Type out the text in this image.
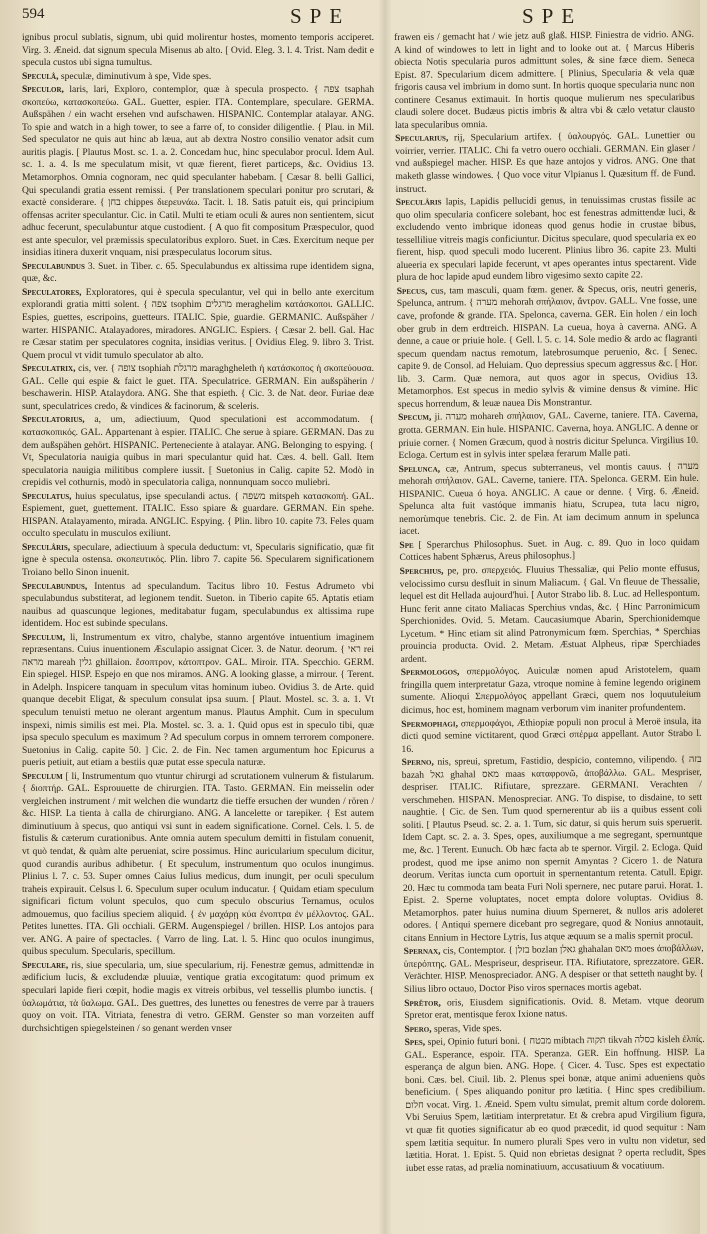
594	SPE	SPE

ignibus procul sublatis, signum, ubi quid molirentur hostes, momento temporis acciperet. Virg. 3. Æneid. dat signum specula Misenus ab alto. [ Ovid. Eleg. 3. l. 4. Trist. Nam dedit e specula custos ubi signa tumultus.

Speculâ, speculæ, diminutivum à spe, Vide spes.

Speculor, laris, lari, Exploro, contemplor, quæ à specula prospecto. { צפה tsaphah σκοπεύω, κατασκοπεύω. GAL. Guetter, espier. ITA. Contemplare, speculare. GERMA. Außspähen / ein wacht ersehen vnd aufschawen. HISPANIC. Contemplar atalayar. ANG. To spie and watch in a high tower, to see a farre of, to consider diligentlie. { Plau. in Mil. Sed speculator ne quis aut hinc ab læua, aut ab dextra Nostro consilio venator adsit cum auritis plagis. [ Plautus Most. sc. 1. a. 2. Concedam huc, hinc speculabor procul. Idem Aul. sc. 1. a. 4. Is me speculatum misit, vt quæ fierent, fieret particeps, &c. Ovidius 13. Metamorphos. Omnia cognoram, nec quid speculanter habebam. [ Cæsar 8. belli Gallici, Qui speculandi gratia essent remissi. { Per translationem speculari ponitur pro scrutari, & exactè considerare. { בחן chippes διερευνάω. Tacit. l. 18. Satis patuit eis, qui principium offensas acriter speculantur. Cic. in Catil. Multi te etiam oculi & aures non sentientem, sicut adhuc fecerunt, speculabuntur atque custodient. { A quo fit compositum Præspeculor, quod est ante speculor, vel præmissis speculatoribus exploro. Suet. in Cæs. Exercitum neque per insidias itinera duxerit vnquam, nisi præspeculatus locorum situs.

Speculabundus 3. Suet. in Tiber. c. 65. Speculabundus ex altissima rupe identidem signa, quæ, &c.

Speculatores, Exploratores, qui è specula speculantur, vel qui in bello ante exercitum explorandi gratia mitti solent. { צפה tsophim מרגלים meraghelim κατάσκοποι. GALLIC. Espies, guettes, escripoins, guetteurs. ITALIC. Spie, guardie. GERMANIC. Außspäher / warter. HISPANIC. Atalayadores, miradores. ANGLIC. Espiers. { Cæsar 2. bell. Gal. Hac re Cæsar statim per speculatores cognita, insidias veritus. [ Ovidius Eleg. 9. libro 3. Trist. Quem procul vt vidit tumulo speculator ab alto.

Speculatrix, cis, ver. { צופה tsophiah מרגלת maraghgheleth ἡ κατάσκοπος ἡ σκοπεύουσα. GAL. Celle qui espie & faict le guet. ITA. Speculatrice. GERMAN. Ein außspäherin / beschawerin. HISP. Atalaydora. ANG. She that espieth. { Cic. 3. de Nat. deor. Furiae deæ sunt, speculatrices credo, & vindices & facinorum, & sceleris.

Speculatorius, a, um, adiectiuum, Quod speculationi est accommodatum. { κατασκοπικός. GAL. Appartenant à espier. ITALIC. Che serue à spiare. GERMAN. Das zu dem außspähen gehört. HISPANIC. Perteneciente à atalayar. ANG. Belonging to espying. { Vt, Speculatoria nauigia quibus in mari speculantur quid hat. Cæs. 4. bell. Gall. Item speculatoria nauigia militibus complere iussit. [ Suetonius in Calig. capite 52. Modò in crepidis vel cothurnis, modò in speculatoria caliga, nonnunquam socco muliebri.

Speculatus, huius speculatus, ipse speculandi actus. { משפה mitspeh κατασκοπή. GAL. Espiement, guet, guettement. ITALIC. Esso spiare & guardare. GERMAN. Ein spehe. HISPAN. Atalayamento, mirada. ANGLIC. Espying. { Plin. libro 10. capite 73. Feles quam occulto speculatu in musculos exiliunt.

Speculâris, speculare, adiectiuum à specula deductum: vt, Specularis significatio, quæ fit igne è specula ostensa. σκοπευτικός. Plin. libro 7. capite 56. Specularem significationem Troiano bello Sinon inuenit.

Speculabundus, Intentus ad speculandum. Tacitus libro 10. Festus Adrumeto vbi speculabundus substiterat, ad legionem tendit. Sueton. in Tiberio capite 65. Aptatis etiam nauibus ad quascunque legiones, meditabatur fugam, speculabundus ex altissima rupe identidem. Hoc est subinde speculans.

Speculum, li, Instrumentum ex vitro, chalybe, stanno argentóve intuentium imaginem repræsentans. Cuius inuentionem Æsculapio assignat Cicer. 3. de Natur. deorum. { ראי rei מראה mareah גלין ghillaion. ἔσοπτρον, κάτοπτρον. GAL. Miroir. ITA. Specchio. GERM. Ein spiegel. HISP. Espejo en que nos miramos. ANG. A looking glasse, a mirrour. { Terent. in Adelph. Inspicere tanquam in speculum vitas hominum iubeo. Ovidius 3. de Arte. quid quanque decebit Eligat, & speculum consulat ipsa suum. [ Plaut. Mostel. sc. 3. a. 1. Vt speculum tenuisti metuo ne olerant argentum manus. Plautus Amphit. Cum in speculum inspexi, nimis similis est mei. Pla. Mostel. sc. 3. a. 1. Quid opus est in speculo tibi, quæ ipsa speculo speculum es maximum ? Ad speculum corpus in omnem terrorem componere. Suetonius in Calig. capite 50. ] Cic. 2. de Fin. Nec tamen argumentum hoc Epicurus a pueris petiuit, aut etiam a bestiis quæ putat esse specula naturæ.

Speculum [ li, Instrumentum quo vtuntur chirurgi ad scrutationem vulnerum & fistularum. { διοπτήρ. GAL. Esprouuette de chirurgien. ITA. Tasto. GERMAN. Ein meisselin oder vergleichen instrument / mit welchen die wundartz die tieffe ersuchen der wunden / rören / &c. HISP. La tienta à calla de chirurgiano. ANG. A lancelette or tarepiker. { Est autem diminutiuum à specus, quo antiqui vsi sunt in eadem significatione. Cornel. Cels. l. 5. de fistulis & cæterum curationibus. Ante omnia autem speculum demitti in fistulam conuenit, vt quò tendat, & quàm alte perueniat, scire possimus. Hinc auricularium speculum dicitur, quod curandis auribus adhibetur. { Et speculum, instrumentum quo oculos inungimus. Plinius l. 7. c. 53. Super omnes Caius Iulius medicus, dum inungit, per oculi speculum traheis expirauit. Celsus l. 6. Speculum super oculum inducatur. { Quidam etiam speculum significari fictum volunt speculos, quo cum speculo obscurius Ternamus, oculos admouemus, quo facilius speciem aliquid. { ἐν μαχάρῃ κύα ἐνοπτρα ἐν μέλλοντος. GAL. Petites lunettes. ITA. Gli occhiali. GERM. Augenspiegel / brillen. HISP. Los antojos para ver. ANG. A paire of spectacles. { Varro de ling. Lat. l. 5. Hinc quo oculos inungimus, quibus speculum. Specularis, specillum.

Speculare, ris, siue specularia, um, siue specularium, rij. Fenestræ gemus, admittendæ in ædificium lucis, & excludendæ pluuiæ, ventique gratia excogitatum: quod primum ex speculari lapide fieri cœpit, hodie magis ex vitreis orbibus, vel tessellis plumbo iunctis. { ὑαλωμάτια, τὰ ὕαλωμα. GAL. Des guettres, des lunettes ou fenestres de verre par à trauers quoy on voit. ITA. Vitriata, fenestra di vetro. GERM. Genster so man vorzeiten auff durchsichtigen spiegelsteinen / so genant werden vnser

frawen eis / gemacht hat / wie jetz auß glaß. HISP. Finiestra de vidrio. ANG. A kind of windowes to lett in light and to looke out at. { Marcus Hiberis obiecta Notis specularia puros admittunt soles, & sine fæce diem. Seneca Epist. 87. Specularium dicem admittere. [ Plinius, Specularia & vela quæ frigoris causa vel imbrium in domo sunt. In hortis quoque specularia nunc non continere Cesanus extimauit. In hortis quoque mulierum nes specularibus claudi solere docet. Budæus pictis imbris & altra vbi & cælo vetatur clausto lata specularibus omnia.

Specularius, rij, Specularium artifex. { ὑαλουργός. GAL. Lunettier ou voirrier, verrier. ITALIC. Chi fa vetro ouero occhiali. GERMAN. Ein glaser / vnd außspiegel macher. HISP. Es que haze antojos y vidros. ANG. One that maketh glasse windowes. { Quo voce vitur Vlpianus l. Quæsitum ff. de Fund. instruct.

Speculâris lapis, Lapidis pellucidi genus, in tenuissimas crustas fissile ac quo olim specularia conficere solebant, hoc est fenestras admittendæ luci, & excludendo vento imbrique idoneas quod genus hodie in crustae bibus, tesselliliue vitreis magis conficiuntur. Dicitus speculare, quod specularia ex eo fierent, hisp. quod speculi modo lucerent. Plinius libro 36. capite 23. Multi alueeria ex speculari lapide fecerunt, vt apes operantes intus spectarent. Vide plura de hoc lapide apud eundem libro vigesimo sexto capite 22.

Specus, cus, tam masculi, quam fœm. gener. & Specus, oris, neutri generis, Spelunca, antrum. { מערה mehorah σπήλαιον, ἄντρον. GALL. Vne fosse, une cave, profonde & grande. ITA. Spelonca, caverna. GER. Ein holen / ein loch ober grub in dem erdtreich. HISPAN. La cueua, hoya à caverna. ANG. A denne, a caue or priuie hole. { Gell. l. 5. c. 14. Sole medio & ardo ac flagranti specum quendam nactus remotum, latebrosumque peruenio, &c. [ Senec. capite 9. de Consol. ad Heluiam. Quo depressius specum aggressus &c. [ Hor. lib. 3. Carm. Quæ nemora, aut quos agor in specus, Ovidius 13. Metamorphos. Est specus in medio sylvis & vimine densus & vimine. Hic specus horrendum, & leuæ nauea Dis Monstrantur.

Specum, ji. מערה mohareh σπήλαιον, GAL. Caverne, taniere. ITA. Caverna, grotta. GERMAN. Ein hule. HISPANIC. Caverna, hoya. ANGLIC. A denne or priuie corner. { Nomen Græcum, quod à nostris dicitur Spelunca. Virgilius 10. Ecloga. Certum est in sylvis inter spelæa ferarum Malle pati.

Spelunca, cæ, Antrum, specus subterraneus, vel montis cauus. { מערה mehorah σπήλαιον. GAL. Caverne, taniere. ITA. Spelonca. GERM. Ein hule. HISPANIC. Cueua ó hoya. ANGLIC. A caue or denne. { Virg. 6. Æneid. Spelunca alta fuit vastóque immanis hiatu, Scrupea, tuta lacu nigro, nemorùmque tenebris. Cic. 2. de Fin. At iam decimum annum in spelunca iacet.

Spe [ Sperarchus Philosophus. Suet. in Aug. c. 89. Quo in loco quidam Cottices habent Sphærus, Areus philosophus.]

Sperchius, pe, pro. σπερχειός. Fluuius Thessaliæ, qui Pelio monte effusus, velocissimo cursu desfluit in sinum Maliacum. { Gal. Vn fleuue de Thessalie, lequel est dit Hellada aujourd'hui. [ Autor Strabo lib. 8. Luc. ad Hellespontum. Hunc ferit anne citato Maliacas Sperchius vndas, &c. { Hinc Parronimicum Sperchionides. Ovid. 5. Metam. Caucasiumque Abarin, Sperchionidemque Lycetum. * Hinc etiam sit alind Patronymicum fœm. Sperchias, * Sperchias prouincia producta. Ovid. 2. Metam. Æstuat Alpheus, ripæ Sperchiades ardent.

Spermologos, σπερμολόγος. Auiculæ nomen apud Aristotelem, quam fringilla quem interpretatur Gaza, vtroque nomine à femine legendo originem sumente. Alioqui Σπερμολόγος appellant Græci, quem nos loquutuleium dicimus, hoc est, hominem magnam verborum vim inaniter profundentem.

Spermophagi, σπερμοφάγοι, Æthiopiæ populi non procul à Meroë insula, ita dicti quod semine victitarent, quod Græci σπέρμα appellant. Autor Strabo l. 16.

Sperno, nis, spreui, spretum, Fastidio, despicio, contemno, vilipendo. { בזה bazah גאל ghahal מאס maas καταφρονῶ, ἀποβάλλω. GAL. Mespriser, despriser. ITALIC. Rifiutare, sprezzare. GERMANI. Verachten / verschmehen. HISPAN. Menospreciar. ANG. To dispise, to disdaine, to sett naughtie. { Cic. de Sen. Tum quod spernerentur ab iis a quibus essent coli soliti. [ Plautus Pseud. sc. 2. a. 1. Tum, sic datur, si quis herum suis speruerit. Idem Capt. sc. 2. a. 3. Spes, opes, auxiliumque a me segregant, spernuntque me, &c. ] Terent. Eunuch. Ob hæc facta ab te spernor. Virgil. 2. Ecloga. Quid prodest, quod me ipse animo non spernit Amyntas ? Cicero 1. de Natura deorum. Veritas iuncta cum oportuit in spernentantum retenta. Catull. Epigr. 20. Hæc tu commoda tam beata Furi Noli spernere, nec putare parui. Horat. 1. Epist. 2. Sperne voluptates, nocet empta dolore voluptas. Ovidius 8. Metamorphos. pater huius numina diuum Sperneret, & nullos aris adoleret odores. { Antiqui spernere dicebant pro segregare, quod & Nonius annotauit, citans Ennium in Hectore Lytris, Ius atque æquum se a malis spernit procul.

Spernax, cis, Contemptor. { בזלן bozlan גאלן ghahalan מאס moes ἀποβάλλων, ὑπερόπτης. GAL. Mespriseur, despriseur. ITA. Rifiutatore, sprezzatore. GER. Verächter. HISP. Menospreciador. ANG. A despiser or that setteth naught by. { Silius libro octauo, Doctor Piso viros spernaces mortis agebat.

Sprêtor, oris, Eiusdem significationis. Ovid. 8. Metam. vtque deorum Spretor erat, mentisque ferox Ixione natus.

Spero, speras, Vide spes.

Spes, spei, Opinio futuri boni. { מבטח mibtach תקוה tikvah כסלה kisleh ἐλπίς. GAL. Esperance, espoir. ITA. Speranza. GER. Ein hoffnung. HISP. La esperança de algun bien. ANG. Hope. { Cicer. 4. Tusc. Spes est expectatio boni. Cæs. bel. Ciuil. lib. 2. Plenus spei bonæ, atque animi adueniens quòs beneficium. { Spes aliquando ponitur pro lætitia. { Hinc spes credibilium. חלום vocat. Virg. 1. Æneid. Spem vultu simulat, premit altum corde dolorem. Vbi Seruius Spem, lætitiam interpretatur. Et & crebra apud Virgilium figura, vt quæ fit quoties significatur ab eo quod præcedit, id quod sequitur : Nam spem lætitia sequitur. In numero plurali Spes vero in vultu non videtur, sed lætitia. Horat. 1. Epist. 5. Quid non ebrietas designat ? operta recludit, Spes iubet esse ratas, ad prælia nominatiuum, accusatiuum & vocatiuum.
